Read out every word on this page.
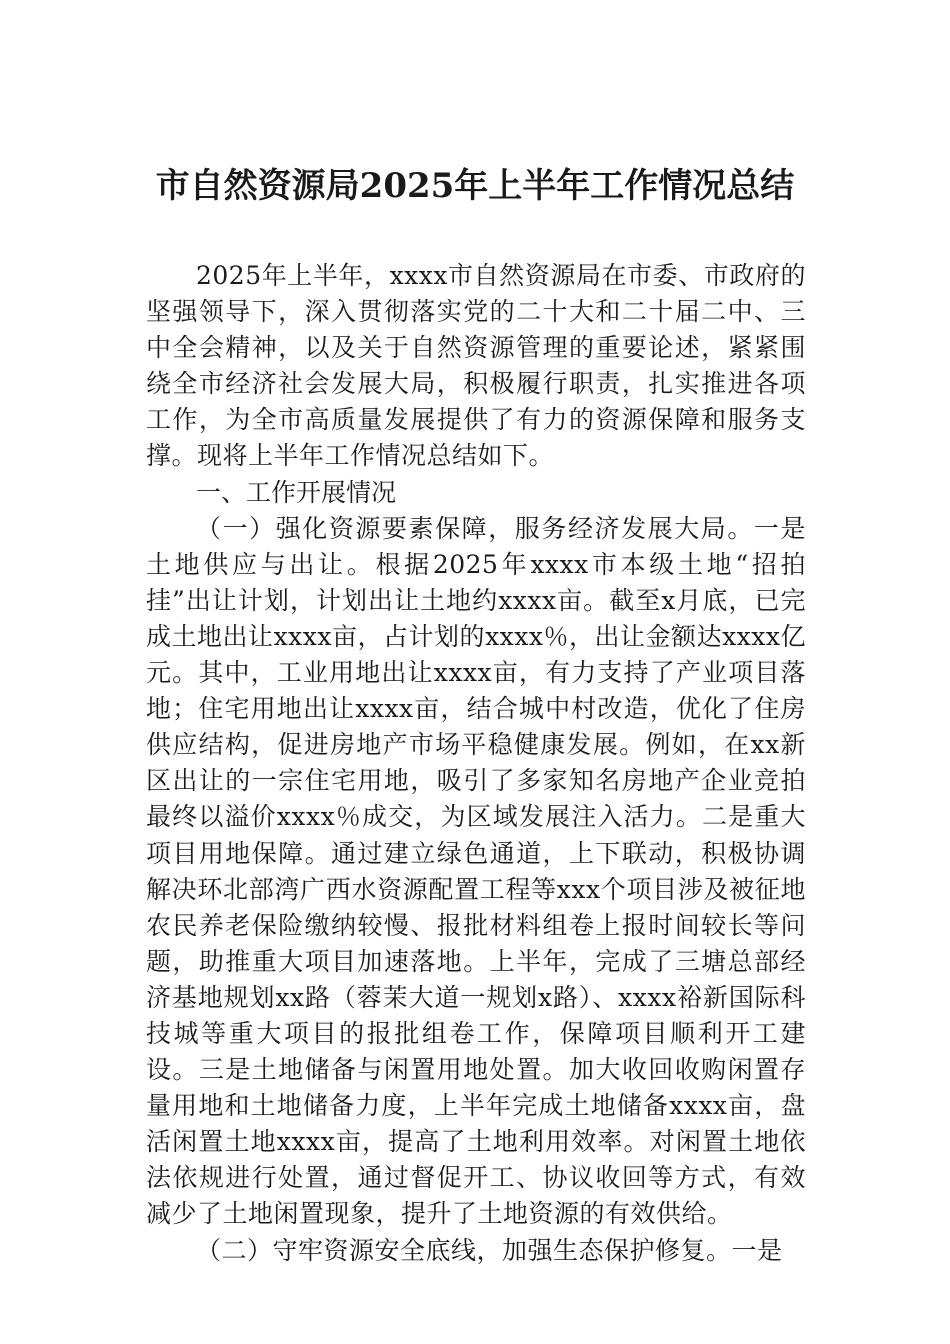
市自然资源局2025年上半年工作情况总结

2025年上半年，xxxx市自然资源局在市委、市政府的坚强领导下，深入贯彻落实党的二十大和二十届二中、三中全会精神，以及关于自然资源管理的重要论述，紧紧围绕全市经济社会发展大局，积极履行职责，扎实推进各项工作，为全市高质量发展提供了有力的资源保障和服务支撑。现将上半年工作情况总结如下。

一、工作开展情况

（一）强化资源要素保障，服务经济发展大局。一是土地供应与出让。根据2025年xxxx市本级土地“招拍挂”出让计划，计划出让土地约xxxx亩。截至x月底，已完成土地出让xxxx亩，占计划的xxxx％，出让金额达xxxx亿元。其中，工业用地出让xxxx亩，有力支持了产业项目落地；住宅用地出让xxxx亩，结合城中村改造，优化了住房供应结构，促进房地产市场平稳健康发展。例如，在xx新区出让的一宗住宅用地，吸引了多家知名房地产企业竞拍最终以溢价xxxx％成交，为区域发展注入活力。二是重大项目用地保障。通过建立绿色通道，上下联动，积极协调解决环北部湾广西水资源配置工程等xxx个项目涉及被征地农民养老保险缴纳较慢、报批材料组卷上报时间较长等问题，助推重大项目加速落地。上半年，完成了三塘总部经济基地规划xx路（蓉茉大道一规划x路）、xxxx裕新国际科技城等重大项目的报批组卷工作，保障项目顺利开工建设。三是土地储备与闲置用地处置。加大收回收购闲置存量用地和土地储备力度，上半年完成土地储备xxxx亩，盘活闲置土地xxxx亩，提高了土地利用效率。对闲置土地依法依规进行处置，通过督促开工、协议收回等方式，有效减少了土地闲置现象，提升了土地资源的有效供给。

（二）守牢资源安全底线，加强生态保护修复。一是
